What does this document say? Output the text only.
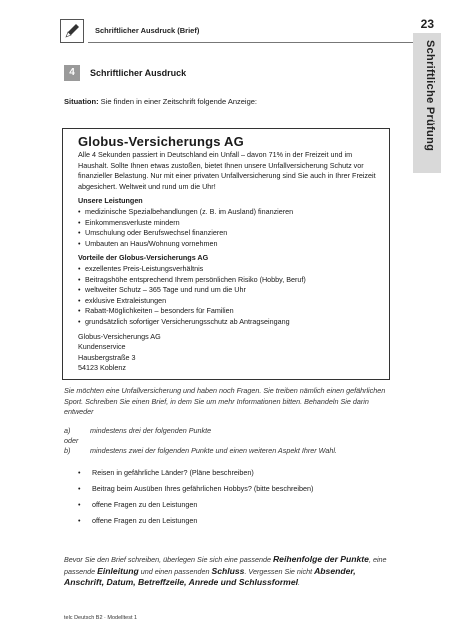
Schriftlicher Ausdruck (Brief)	23
Schriftliche Prüfung
4	Schriftlicher Ausdruck
Situation: Sie finden in einer Zeitschrift folgende Anzeige:
Globus-Versicherungs AG
Alle 4 Sekunden passiert in Deutschland ein Unfall – davon 71% in der Freizeit und im Haushalt. Sollte Ihnen etwas zustoßen, bietet Ihnen unsere Unfallversicherung Schutz vor finanzieller Belastung. Nur mit einer privaten Unfallversicherung sind Sie auch in Ihrer Freizeit abgesichert. Weltweit und rund um die Uhr!
Unsere Leistungen
• medizinische Spezialbehandlungen (z. B. im Ausland) finanzieren
• Einkommensverluste mindern
• Umschulung oder Berufswechsel finanzieren
• Umbauten an Haus/Wohnung vornehmen
Vorteile der Globus-Versicherungs AG
• exzellentes Preis-Leistungsverhältnis
• Beitragshöhe entsprechend Ihrem persönlichen Risiko (Hobby, Beruf)
• weltweiter Schutz – 365 Tage und rund um die Uhr
• exklusive Extraleistungen
• Rabatt-Möglichkeiten – besonders für Familien
• grundsätzlich sofortiger Versicherungsschutz ab Antragseingang
Globus-Versicherungs AG
Kundenservice
Hausbergstraße 3
54123 Koblenz
Sie möchten eine Unfallversicherung und haben noch Fragen. Sie treiben nämlich einen gefährlichen Sport. Schreiben Sie einen Brief, in dem Sie um mehr Informationen bitten. Behandeln Sie darin entweder
a)	mindestens drei der folgenden Punkte
oder
b)	mindestens zwei der folgenden Punkte und einen weiteren Aspekt Ihrer Wahl.
• Reisen in gefährliche Länder? (Pläne beschreiben)
• Beitrag beim Ausüben Ihres gefährlichen Hobbys? (bitte beschreiben)
• offene Fragen zu den Leistungen
• offene Fragen zu den Leistungen
Bevor Sie den Brief schreiben, überlegen Sie sich eine passende Reihenfolge der Punkte, eine passende Einleitung und einen passenden Schluss. Vergessen Sie nicht Absender, Anschrift, Datum, Betreffzeile, Anrede und Schlussformel.
telc Deutsch B2 · Modelltest 1
